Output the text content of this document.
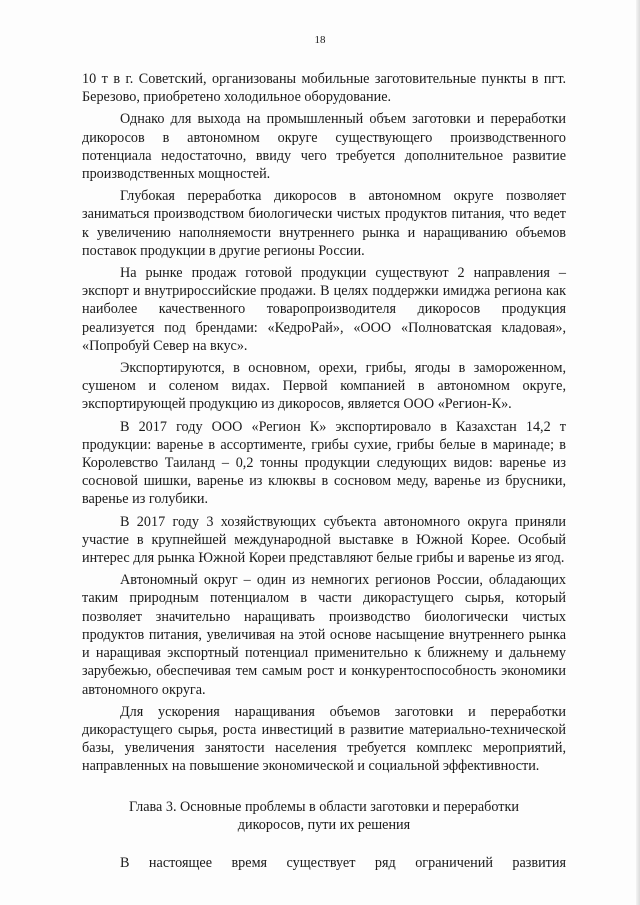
18

10 т в г. Советский, организованы мобильные заготовительные пункты в пгт. Березово, приобретено холодильное оборудование.

Однако для выхода на промышленный объем заготовки и переработки дикоросов в автономном округе существующего производственного потенциала недостаточно, ввиду чего требуется дополнительное развитие производственных мощностей.

Глубокая переработка дикоросов в автономном округе позволяет заниматься производством биологически чистых продуктов питания, что ведет к увеличению наполняемости внутреннего рынка и наращиванию объемов поставок продукции в другие регионы России.

На рынке продаж готовой продукции существуют 2 направления – экспорт и внутрироссийские продажи. В целях поддержки имиджа региона как наиболее качественного товаропроизводителя дикоросов продукция реализуется под брендами: «КедроРай», «ООО «Полноватская кладовая», «Попробуй Север на вкус».

Экспортируются, в основном, орехи, грибы, ягоды в замороженном, сушеном и соленом видах. Первой компанией в автономном округе, экспортирующей продукцию из дикоросов, является ООО «Регион-К».

В 2017 году ООО «Регион К» экспортировало в Казахстан 14,2 т продукции: варенье в ассортименте, грибы сухие, грибы белые в маринаде; в Королевство Таиланд – 0,2 тонны продукции следующих видов: варенье из сосновой шишки, варенье из клюквы в сосновом меду, варенье из брусники, варенье из голубики.

В 2017 году 3 хозяйствующих субъекта автономного округа приняли участие в крупнейшей международной выставке в Южной Корее. Особый интерес для рынка Южной Кореи представляют белые грибы и варенье из ягод.

Автономный округ – один из немногих регионов России, обладающих таким природным потенциалом в части дикорастущего сырья, который позволяет значительно наращивать производство биологически чистых продуктов питания, увеличивая на этой основе насыщение внутреннего рынка и наращивая экспортный потенциал применительно к ближнему и дальнему зарубежью, обеспечивая тем самым рост и конкурентоспособность экономики автономного округа.

Для ускорения наращивания объемов заготовки и переработки дикорастущего сырья, роста инвестиций в развитие материально-технической базы, увеличения занятости населения требуется комплекс мероприятий, направленных на повышение экономической и социальной эффективности.

Глава 3. Основные проблемы в области заготовки и переработки
дикоросов, пути их решения

В настоящее время существует ряд ограничений развития
